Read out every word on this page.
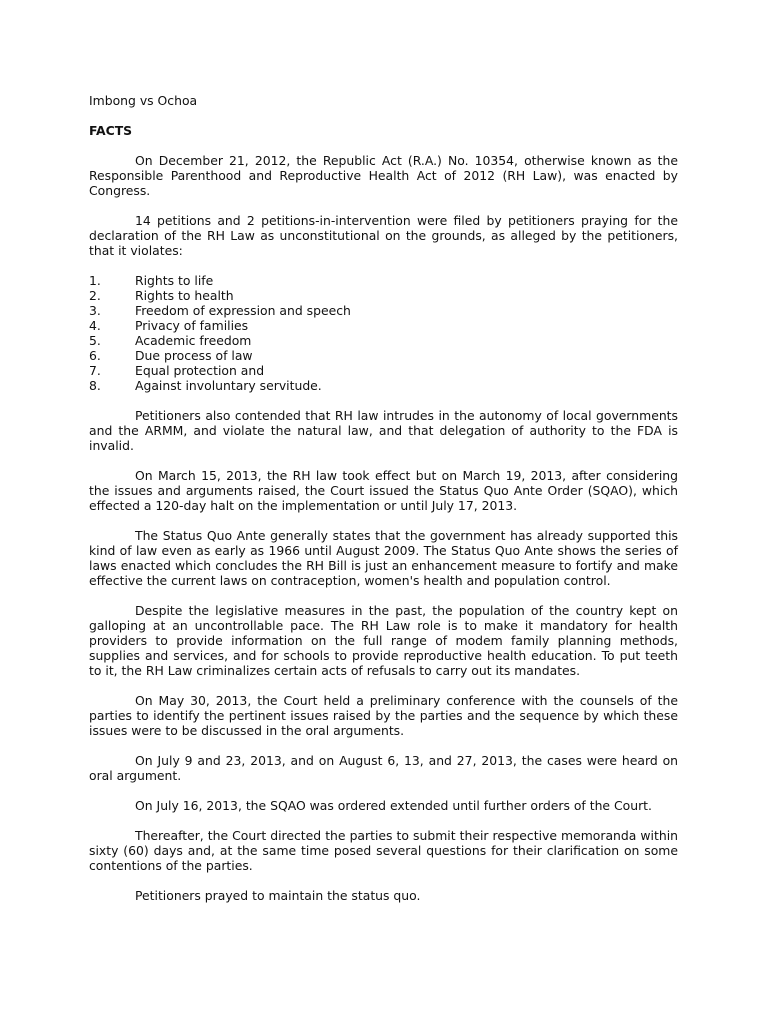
Imbong vs Ochoa
FACTS

On December 21, 2012, the Republic Act (R.A.) No. 10354, otherwise known as the Responsible Parenthood and Reproductive Health Act of 2012 (RH Law), was enacted by Congress.

14 petitions and 2 petitions-in-intervention were filed by petitioners praying for the declaration of the RH Law as unconstitutional on the grounds, as alleged by the petitioners, that it violates:

1.	Rights to life
2.	Rights to health
3.	Freedom of expression and speech
4.	Privacy of families
5.	Academic freedom
6.	Due process of law
7.	Equal protection and
8.	Against involuntary servitude.

Petitioners also contended that RH law intrudes in the autonomy of local governments and the ARMM, and violate the natural law, and that delegation of authority to the FDA is invalid.

On March 15, 2013, the RH law took effect but on March 19, 2013, after considering the issues and arguments raised, the Court issued the Status Quo Ante Order (SQAO), which effected a 120-day halt on the implementation or until July 17, 2013.

The Status Quo Ante generally states that the government has already supported this kind of law even as early as 1966 until August 2009. The Status Quo Ante shows the series of laws enacted which concludes the RH Bill is just an enhancement measure to fortify and make effective the current laws on contraception, women's health and population control.

Despite the legislative measures in the past, the population of the country kept on galloping at an uncontrollable pace. The RH Law role is to make it mandatory for health providers to provide information on the full range of modem family planning methods, supplies and services, and for schools to provide reproductive health education. To put teeth to it, the RH Law criminalizes certain acts of refusals to carry out its mandates.

On May 30, 2013, the Court held a preliminary conference with the counsels of the parties to identify the pertinent issues raised by the parties and the sequence by which these issues were to be discussed in the oral arguments.

On July 9 and 23, 2013, and on August 6, 13, and 27, 2013, the cases were heard on oral argument.

On July 16, 2013, the SQAO was ordered extended until further orders of the Court.

Thereafter, the Court directed the parties to submit their respective memoranda within sixty (60) days and, at the same time posed several questions for their clarification on some contentions of the parties.

Petitioners prayed to maintain the status quo.
